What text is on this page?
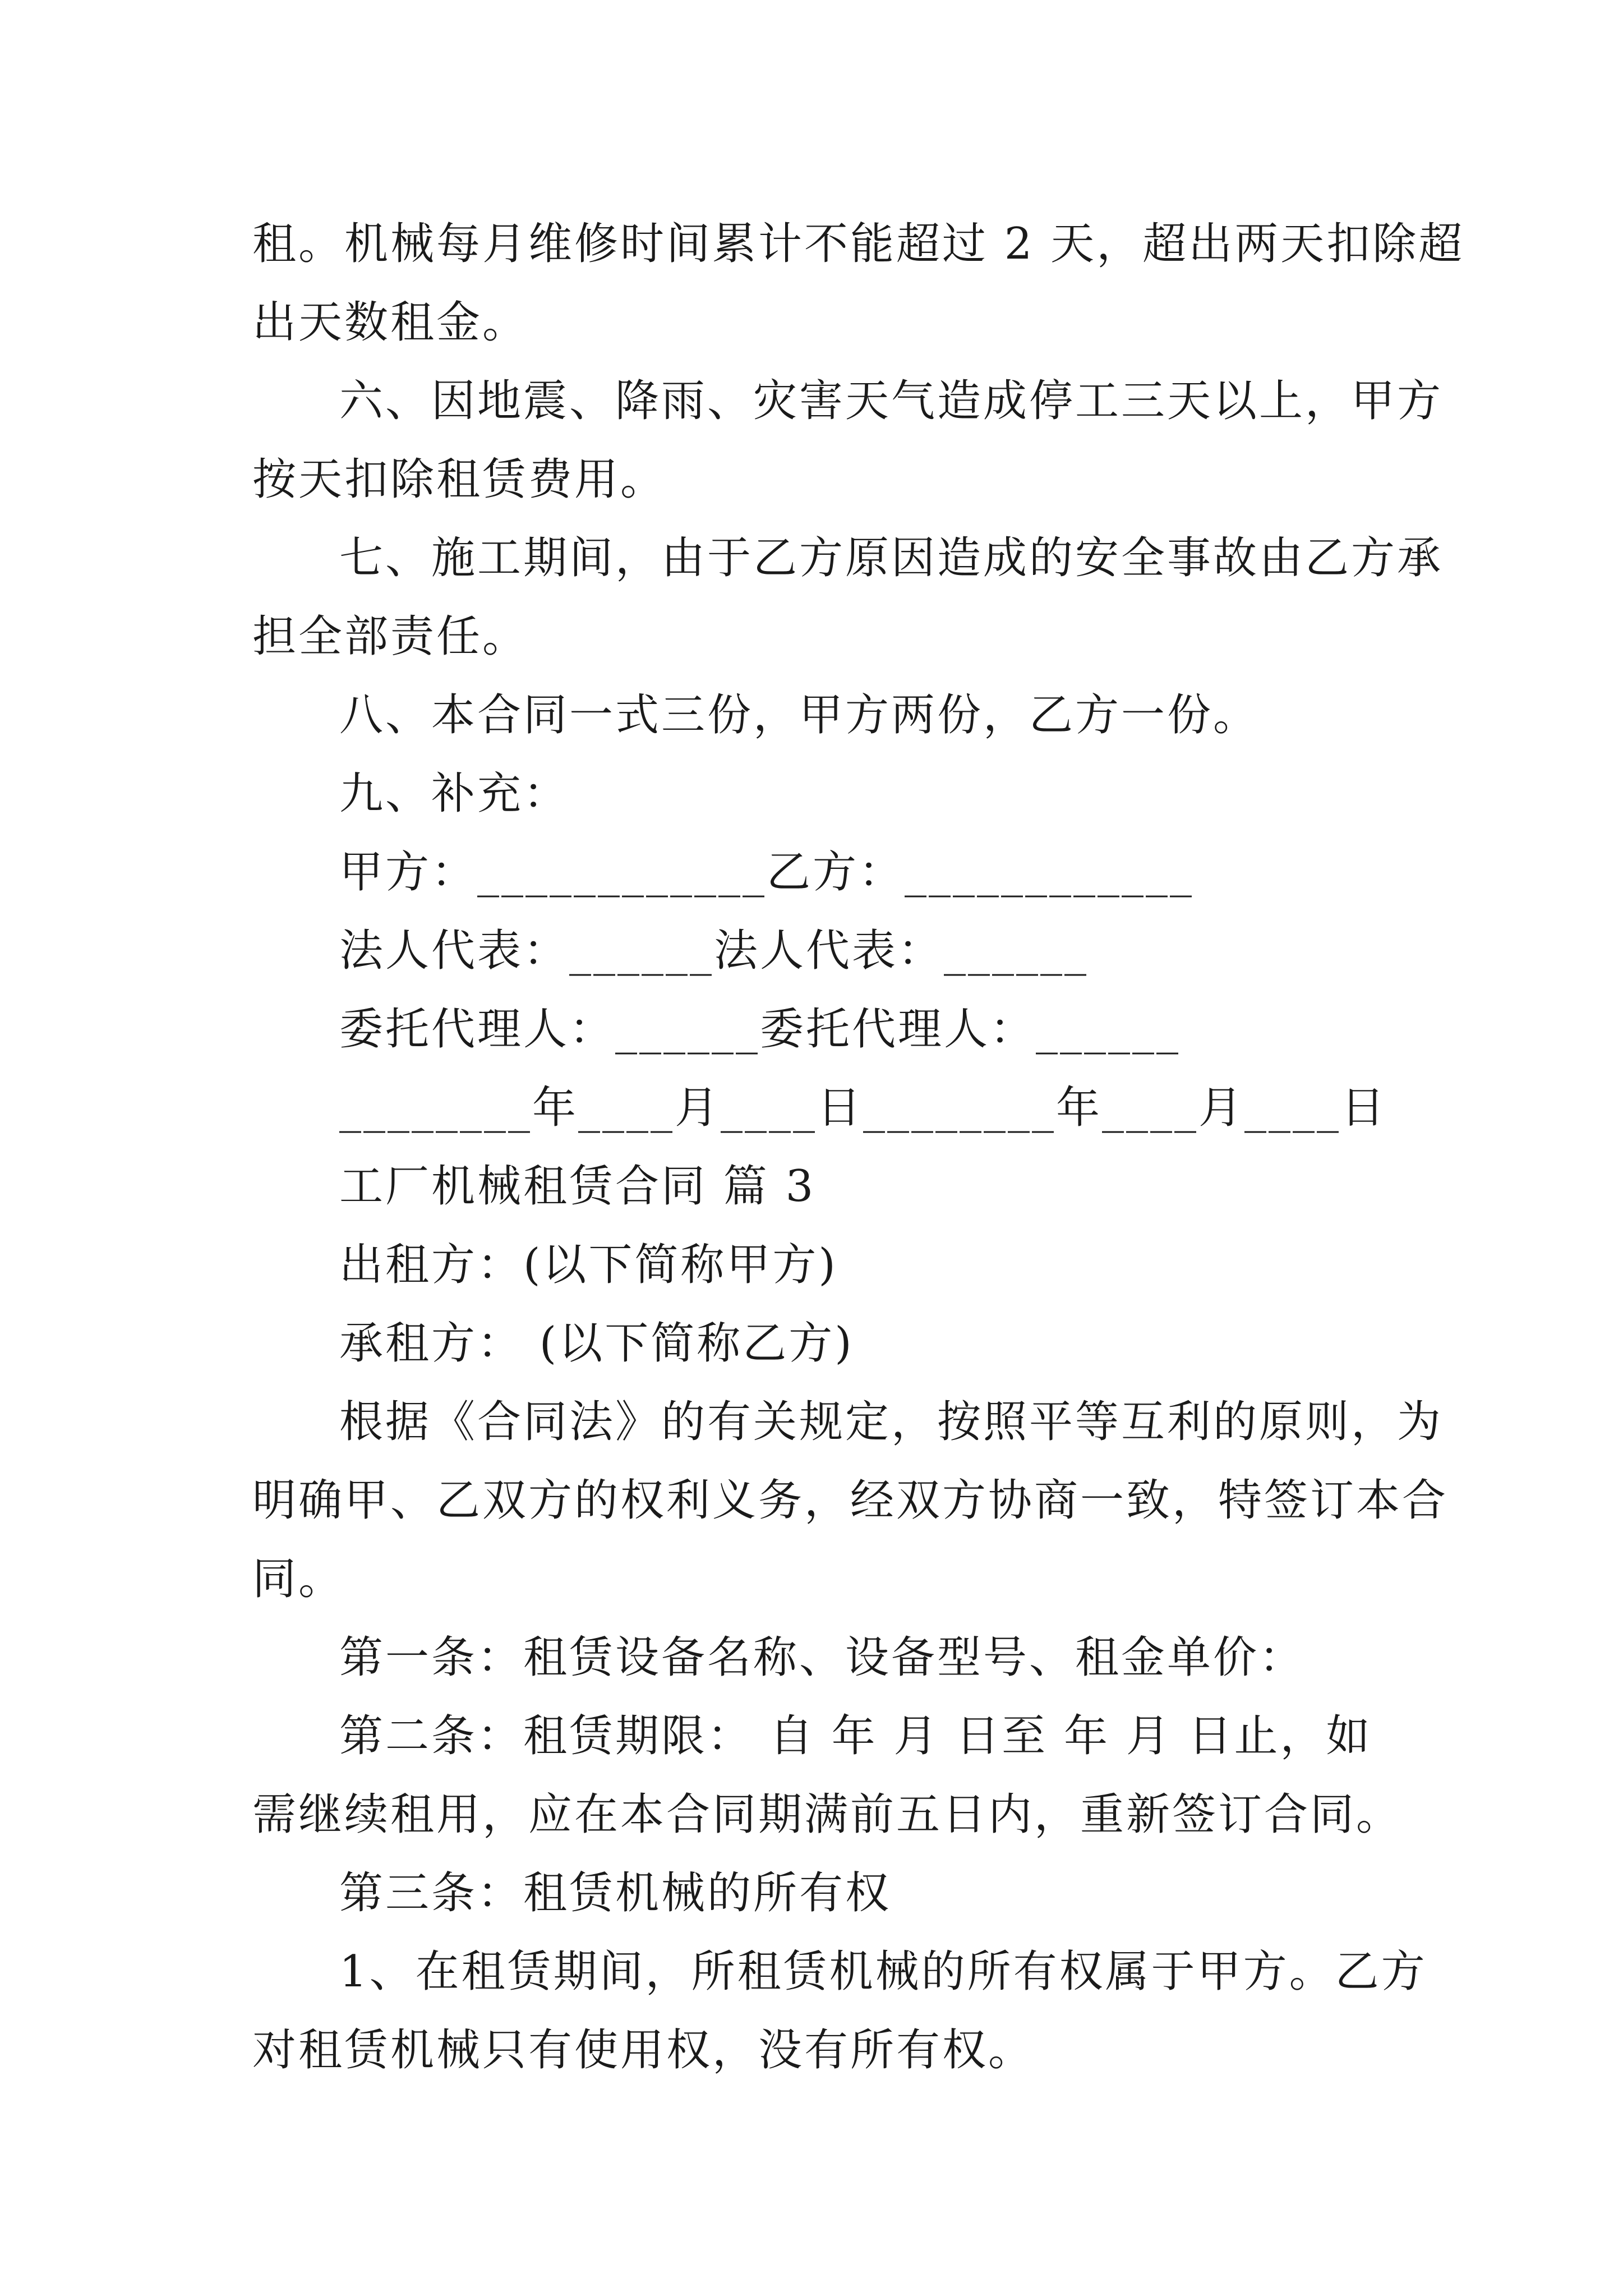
租。机械每月维修时间累计不能超过 2 天，超出两天扣除超
出天数租金。
六、因地震、降雨、灾害天气造成停工三天以上，甲方
按天扣除租赁费用。
七、施工期间，由于乙方原因造成的安全事故由乙方承
担全部责任。
八、本合同一式三份，甲方两份，乙方一份。
九、补充：
甲方：____________乙方：____________
法人代表：______法人代表：______
委托代理人：______委托代理人：______
________年____月____日________年____月____日
工厂机械租赁合同 篇 3
出租方：(以下简称甲方)
承租方： (以下简称乙方)
根据《合同法》的有关规定，按照平等互利的原则，为
明确甲、乙双方的权利义务，经双方协商一致，特签订本合
同。
第一条：租赁设备名称、设备型号、租金单价：
第二条：租赁期限： 自 年 月 日至 年 月 日止，如
需继续租用，应在本合同期满前五日内，重新签订合同。
第三条：租赁机械的所有权
1、在租赁期间，所租赁机械的所有权属于甲方。乙方
对租赁机械只有使用权，没有所有权。
